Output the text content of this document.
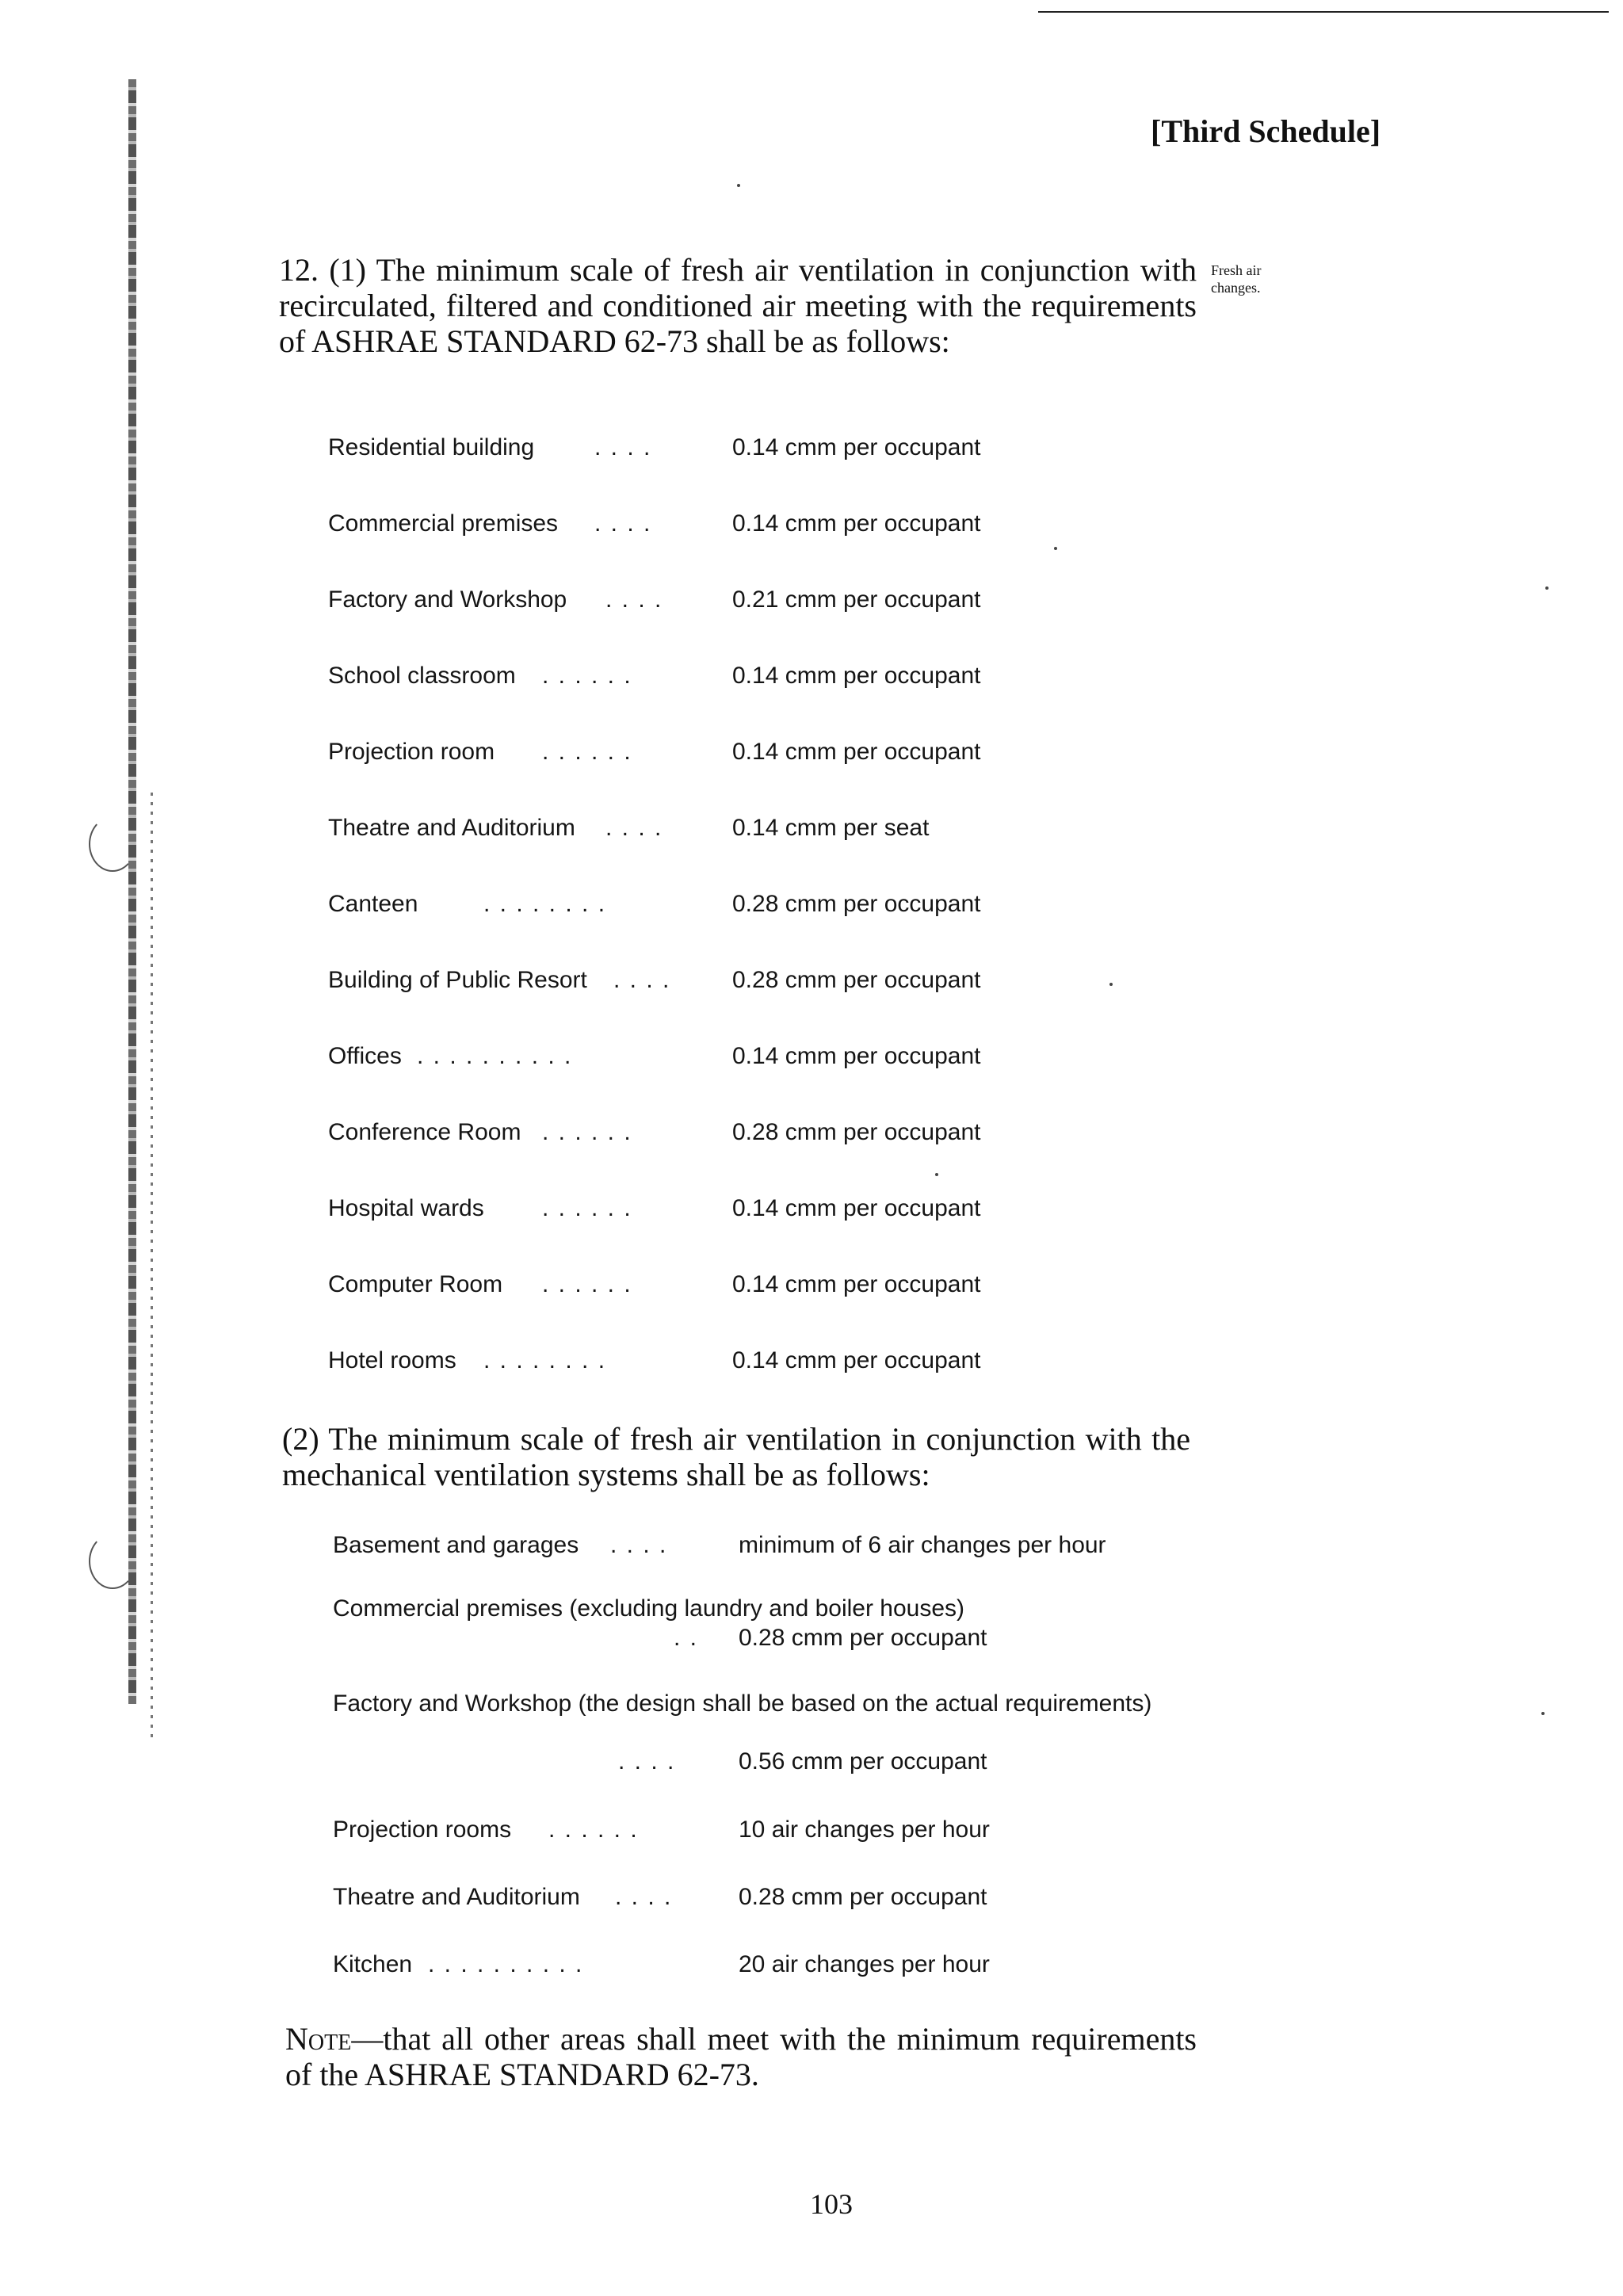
[Third Schedule]
12. (1) The minimum scale of fresh air ventilation in conjunction with recirculated, filtered and conditioned air meeting with the requirements of ASHRAE STANDARD 62-73 shall be as follows:
Fresh air changes.
Residential building	. . . .	0.14 cmm per occupant
Commercial premises . . . .	0.14 cmm per occupant
Factory and Workshop . . . .	0.21 cmm per occupant
School classroom . . . . . .	0.14 cmm per occupant
Projection room . . . . . .	0.14 cmm per occupant
Theatre and Auditorium . . . .	0.14 cmm per seat
Canteen	. . . . . . . .	0.28 cmm per occupant
Building of Public Resort . . . .	0.28 cmm per occupant
Offices . . . . . . . . . .	0.14 cmm per occupant
Conference Room . . . . . .	0.28 cmm per occupant
Hospital wards . . . . . .	0.14 cmm per occupant
Computer Room . . . . . .	0.14 cmm per occupant
Hotel rooms . . . . . . . .	0.14 cmm per occupant
(2) The minimum scale of fresh air ventilation in conjunction with the mechanical ventilation systems shall be as follows:
Basement and garages . . . .	minimum of 6 air changes per hour
Commercial premises (excluding laundry and boiler houses)
. . 0.28 cmm per occupant
Factory and Workshop (the design shall be based on the actual requirements)
. . . .	0.56 cmm per occupant
Projection rooms . . . . . .	10 air changes per hour
Theatre and Auditorium . . . .	0.28 cmm per occupant
Kitchen . . . . . . . . . .	20 air changes per hour
Note—that all other areas shall meet with the minimum requirements of the ASHRAE STANDARD 62-73.
103
